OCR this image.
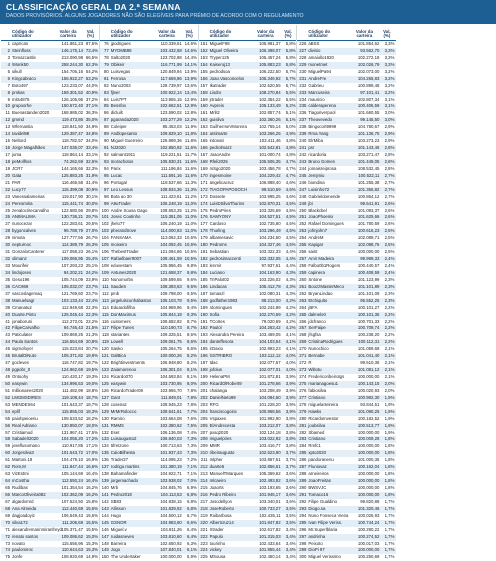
CLASSIFICAÇÃO GERAL DA 2.ª SEMANA
DADOS PROVISÓRIOS. ALGUNS JOGADORES NÃO SÃO ELEGÍVEIS PARA PRÉMIO DE ACORDO COM O REGULAMENTO
Código do utilizador
Valor da carteira
Val. (%)
1 capricas	141.861,23 87,6%
2 Steinfluss	146.175,14 73,4%
3 Tomazcastle	213.090,98 66,5%
4 \Monk50	258.244,30 62,3%
5 sikull	154.706,16 54,2%
6 Kingcabraco	156.922,27 53,2%
7 Boto497	123.233,07 44,0%
8 prskas	159.301,52 40,9%
9 mits4875	126.105,95 37,2%
10 grupoorhe	150.672,40 37,1%
11 Buenastanden2020	168.985,02 36,3%
12 gmmd	119.473,86 35,0%
13 Wfernantia	118.841,50 34,9%
14 tavidel98	129.387,47 34,8%
15 Neltord	118.782,57 34,0%
16 Jorge Magalhães	147.036,07 33,4%
17 juma	118.864,14 33,1%
18 peMollhos	74.262,69 32,6%
19 JCR7	144.165,66 32,3%
20 Gata	125.883,25 31,9%
21 PAR	116.465,58 31,4%
22 Lucy77	115.399,08 30,9%
23 Vanessalameiras	119.017,90 30,1%
24 Peresmiria	115.441,74 30,0%
25 zenalocritecarvalho	122.680,56 29,8%
26 ANIMALIMA	130.736,21 29,7%
27 nunocezar	122.283,61 29,5%
28 bygoncalves	96.788,79 27,0%
29 nimota	127.777,56 26,7%
30 nepturnoc	114.389,79 26,3%
31 GonzaloCanterer	117.058,23 26,1%
32 olimanz	109.066,95 25,4%
33 Mourifeir	107.293,23 25,1%
34 lindojoses	94.202,21 24,2%
35 Geso196	105.744,09 23,9%
36 CAC969	105.032,07 23,7%
37 vascoslagemaq	121.769,60 23,7%
38 Manuelsagr	103.133,44 22,4%
39 Cmanatu2	112.949,68 22,3%
40 Duarte.Pinto	125.046,44 22,3%
41 jonaboruni	112.273,01 22,2%
42 FilipeCarvalho	94.746,43 21,5%
43 Paticulater	109.869,25 21,3%
44 Paula Santos	116.554,69 20,8%
45 sigmofoyer	115.023,84 20,7%
46 BrutalDiNuto	105.371,82 19,9%
47 gocleves	116.747,82 19,7%
48 pgpobr_0	124.962,69 19,5%
49 Ontoohy	110.420,17 19,3%
50 easywin	134.996,53 19,0%
51 millionaires2020	111.482,99 18,8%
52 LMGMSDIRES	119.108,44 18,7%
53 MENDES64	101.643,37 18,7%
54 eplif	115.855,03 18,3%
55 paiohpeioenu	108.533,52 18,2%
56 Real Adriano	130.850,07 18,0%
57 Cristiamod	131.967,41 17,5%
58 SabadelI2020	104.055,20 17,2%
59 joseflusomano	110.917,85 17,1%
60 Jorgesilva3	101.543,72 17,0%
61 Martoni.19	104.479,10 16,9%
62 Rom,M	111.847,44 16,6%
63 VizEstmi	105.144,69 16,4%
64 mCostha	112.550,24 16,4%
65 Rudibas	101.354,54 16,2%
66 MarcoOliveira082	102.362,09 16,2%
67 algardvmrd	107.524,50 15,8%
68 Ana Almeida	112.440,69 15,6%
69 dagjoadoyiz	106.549,43 15,6%
70 silva172	111.206,69 15,5%
71 alexandremarinmiranfreyd 105.371,47 15,5%
72 renato santos	109.086,62 15,0%
73 novato	115.556,96 15,3%
74 paulomiroc	110.644,63 15,3%
75 Jonfe	108.920,69 14,9%
Código do utilizador
Valor da carteira
Val. (%)
76 jpodrigues	110.339,61 14,6%
77 MYDMB88	103.432,58 14,6%
78 Salto2020	123.702,88 14,4%
79 Obikeir	116.771,99 14,1%
80 Luisvegas	120.849,94 13,9%
81 Ferrosa	117.669,86 13,9%
82 Nuno2003	128.739,97 13,6%
83 fjlver	100.922,14 13,4%
84 Luis7PT	113.955,15 12,9%
85 Bessfox	102.662,51 12,9%
86 dicluilt	123.590,02 12,8%
87 pgaranda2020	103.277,29 12,2%
88 Coleiper	85.453,03 11,9%
89 Andlopesanto	109.829,10 11,8%
90 Miguel Guerreiro	126.899,36 11,8%
91 NJ2020	102.850,92 11,6%
92 salmant1911	119.221,51 11,7%
93 morachotos	105.930,31 11,6%
94 Parix	111.196,84 11,6%
95 Lucac	111.591,16 11,6%
96 Portugal	118.537,66 11,3%
97 Leo Lessus	108.934,36 11,3%
98 Bota ao 30	111.423,61 11,2%
99 A9uTrader	106.248,19 11,0%
100 Andre Sousa Gago	108.653,25 11,2%
101 Josec Coutinho	115.351,05 11,0%
102 jhelo77	106.240,19 11,0%
103 pherandtrove	114.000,83 11,0%
104 FANSAMA	113.062,33 10,6%
105 moixeiro	104.092,45 10,6%
106 ThebestTrader	121.094,66 10,5%
107 Rafaelbaer9007	108.461,59 10,5%
108 eduvestam	105.956,45	9,8%
109 Antunes2020	121.658,37	9,8%
110 Nunomorbs	109.599,65	9,6%
111 SaudeS	108.393,63	9,6%
112 pmb	109.798,00	9,5%
113 jorgeluiscunhabastos	106.103,78	9,5%
114 Eduardofilha	104.969,96	9,4%
115 DonMaximus	105.844,18	9,3%
116 customers	108.682,82	8,7%
117 Filipe Tunes	110.190,73	8,7%
118 stariantes	109.325,51	8,6%
119 Lowell	109.061,75	8,6%
120 Sasko	105.264,75	8,6%
121 GalBica	100.000,26	8,2%
122 Brightinvestments	106.948,80	8,2%
123 Zaiamorenoo	106.301,04	8,1%
124 Ricardo070	104.593,84	8,1%
125 easywin	103.730,95	8,0%
126 RicardoTrader08	103.965,70	7,8%
127 Gant	111.849,01	7,8%
128 cusenaz	108.945,23	7,8%
129 MrMrRolocco	108.641,61	7,7%
130 Ramiro	103.664,08	7,6%
131 RMMS	102.380,62	7,5%
132 Eset	106.136,08	7,4%
133 Luisaugusto2	106.840,03	7,3%
134 5fretzone	100.713,63	7,3%
135 CaioBilhesta	101.937,43	7,3%
136 Trader27	114.095,23	7,2%
137 rodrigo.martins	101.380,19	7,1%
138 Bahamafinder	104.922,71	7,1%
139 jorgemachado	103.938,02	7,0%
140 Mrb	104.845,76	6,9%
141 Pedro2018	104.113,53	6,8%
142 SB83	104.938,15	6,8%
143 Allisson	101.839,92	6,8%
144 Hugo	104.500,12	6,7%
145 GSNOR	104.983,60	6,6%
146 Miguel.v	104.811,26	6,4%
147 ruidasneves	103.810,60	6,4%
148 Barreira	102.650,92	6,3%
149 Jogo	107.840,01	6,1%
150 The Undertaker	100.000,00	5,9%
Código do utilizador
Valor da carteira
Val. (%)
151 MiguelF98	105.981,37	5,8%
152 Miguel Oliveira	106.398,07	5,8%
153 Tryper125	105.457,24	5,8%
154 Kaiseroj13	105.883,23	5,8%
155 pedrodsoa	106.222,50	5,7%
156 Joao.Vasconcelos	105.346,92	5,7%
157 Ikatrader	102.520,55	5,7%
158 Lisdro	108.270,84	5,5%
159 jrtrader	102.354,22	5,5%
160 Avpreis	105.133,49	5,2%
161 Mrlitz	102.857,74	5,1%
162 guisilva	102.360,26	5,1%
163 GuilhermeVMoreira	102.765,14	5,0%
164 antimarte	103.266,25	4,9%
165 irdonati	103.411,46	4,8%
166 pedrolmazz	102.542,81	4,8%
167 JoaoAndre	101.000,74	4,8%
168 Rfeli2025	105.506,35	4,7%
169 rsSgo2020	103.456,78	4,7%
170 ingesmoine	104.229,42	4,7%
171 angelicacruz	106.888,40	4,6%
172 TIAGOPAPOSOCH	99.510,69	4,6%
173 Dossete	103.995,25	4,6%
174 LuisDSilvaThurins	102.870,31	4,5%
175 PedroPires	103.325,69	4,5%
176 SAMYONY	104.527,51	4,5%
177 Cardoso	102.735,80	4,5%
178 Thurling	103.296,49	4,5%
179 albamesavic	104.234,60	4,5%
180 Pedroms	104.327,46	4,5%
181 Sebastian	103.322,33	4,4%
182 pedrosimaccenti	102.332,05	4,4%
183 lenmir	97.937,61	4,4%
184 Luciano	104.163,90	4,3%
185 TriPalot02	103.226,02	4,3%
186 Lindacas	105.412,78	4,3%
187 tomaszl	102.080,31	4,3%
188 godfather1983	88.213,00	4,2%
189 rdomingues	102.244,89	4,2%
190 Sofia	102.270,69	4,2%
191 TCortes	79.020,69	4,2%
192 Paulol	104.263,42	4,2%
193 Alexandra Pereira	103.469,05	4,1%
194 danteffesora	104.103,64	4,1%
195 irDaxio	102.993,23	4,1%
196 GSTRIBRO	103.112,12	4,0%
197 tdac	102.077,67	4,0%
198 jofolus	102.077,01	4,0%
199 HelenaPM	101.872,81	3,9%
200 RicardOlRobert9	101.278,66	3,9%
201 chalanga	103.208,49	3,9%
202 DanielNeto99	104.094,60	3,9%
203 RFG	101.228,20	3,9%
204 franciscogoinc	100.868,56	3,9%
205 Vspaxes	101.992,90	3,8%
206 ElAndrecesta	103.212,07	3,8%
207 pxsq2020	102.124,18	3,8%
208 miguelpires	103.022,92	3,8%
209 MMR	103.416,77	3,8%
210 ribeiraugusto	102.523,90	3,7%
211 mlpher	103.867,61	3,7%
212 duarte5	102.856,51	3,7%
213 ManuelTMarques	105.369,62	3,6%
214 mlcaeiro	102.493,92	3,6%
215 Joaorts	103.193,65	3,6%
216 Pedro Ribeiro	101.945,17	3,6%
217 Joscdellyon	103.340,01	3,6%
218 JoseRoberto	100.733,27	3,5%
219 Ruibarbosa	102.435,11	3,5%
220 Albertcruz14	101.847,82	3,5%
221 Xtrader	102.617,82	3,4%
222 Papulo	101.315,03	3,4%
223 tourinho	102.433,64	3,4%
224 vickey	101.955,44	3,4%
225 MSousa	102.450,14	3,4%
Código do utilizador
Valor da carteira
Val. (%)
226 aBSS	101.854,62	3,3%
227 divisio	93.562,70	3,3%
228 amaiollo1920	102.272,18	3,3%
229 monetmet	102.026,79	3,3%
230 MiguelPa94	102.073,00	3,2%
231 AndreFre	104.265,83	3,2%
232 Gabrieu	100.899,48	3,2%
233 Marcuseira	97.101,41	3,2%
234 mauricio	102.807,34	3,1%
235 calderaperena	100.406,59	3,1%
236 Tiagoriverpool	101.660,55	3,0%
237 Theovevedo	99.145,50	3,0%
238 Bingocort9999	104.780,67	2,9%
239 Rrsa.Yang	101.136,75	2,9%
240 ElrMiba	103.273,23	2,9%
241 psr	101.143,46	2,8%
242 ricardoria	103.271,47	2,8%
243 Bruno Gomes	101.449,05	2,8%
244 jomaisreiprosa	108.532,45	2,8%
245 Jemjmiu	100.522,11	2,7%
246 biondina	101.255,38	2,7%
247 Luisinho72	101.355,82	2,7%
248 Gabrieldomende	100.864,12	2,7%
249 jbi	99.541,91	2,6%
250 Blackcbel	101.093,37	2,6%
251 JoaoPhoenix	101.625,66	2,6%
252 Rafael Domingues	101.780,59	2,6%
253 johnjohn7	100.616,23	2,5%
254 AndreM	102.089,71	2,5%
255 Kapigar	102.098,76	2,5%
256 saint	100.000,00	2,5%
257 Amir Madeira	99.999,33	2,4%
258 Falbo0b1Rogers	100.440,57	2,4%
259 capinera	100.408,59	2,4%
260 Sntone	101.123,99	2,3%
261 BoozzMasterMeco	101.101,89	2,3%
262 BryanLindao	101.101,09	2,3%
263 Etchiquito	95.552,25	2,3%
264 jBFA	100.101,27	2,2%
265 dalmelo0	100.101,35	2,2%
266 jdcfranco	100.701,33	2,2%
267 SerFaipe	100.709,74	2,2%
268 jfsgfsa	100.238,20	2,2%
269 CristinaRodrigues	100.112,31	2,2%
270 Nunochico	101.059,68	2,1%
271 Bernabe	101.041,40	2,1%
272 R	99.510,36	2,1%
273 Wiltotu	101.081,12	2,1%
274 Fredericoribeirotgs	100.000,00	2,1%
275 marianagoesu1	100.143,15	2,0%
276 fabiosilva	100.020,93	2,0%
277 Cristiano	100.982,30	1,9%
278 miguelarteireira	93.844,51	1,9%
279 Hawks	101.090,25	1,9%
280 RicardoInvestor	100.182,52	1,9%
281 joubsilva	100.513,77	1,9%
282 Sbamed	100.000,00	1,9%
283 Cristiano	100.009,28	1,8%
284 Rmfc1	100.000,00	1,8%
285 xpto2020	100.000,00	1,8%
286 pandoranenu	101.000,35	1,8%
287 Fluniovaz	100.162,04	1,8%
288 arneireiros	100.000,00	1,8%
289 JoaoFreitas	100.000,00	1,8%
290 BWSVJC	100.000,00	1,8%
291 Tomaco16	100.000,00	1,8%
292 Filipe Gualdino	99.820,89	1,7%
293 Diogo.sa	101.320,46	1,7%
294 Nuno Fonseca Vieira	100.026,93	1,7%
295 Ivan Filipe Veriss.	100.744,24	1,7%
296 Mr.Superlblaria	100.290,22	1,7%
297 andrinha	100.274,52	1,7%
298 Peixoto	100.017,03	1,7%
299 DioPi 97	100.000,00	1,7%
300 Miguel Verissimo	100.250,69	1,7%
